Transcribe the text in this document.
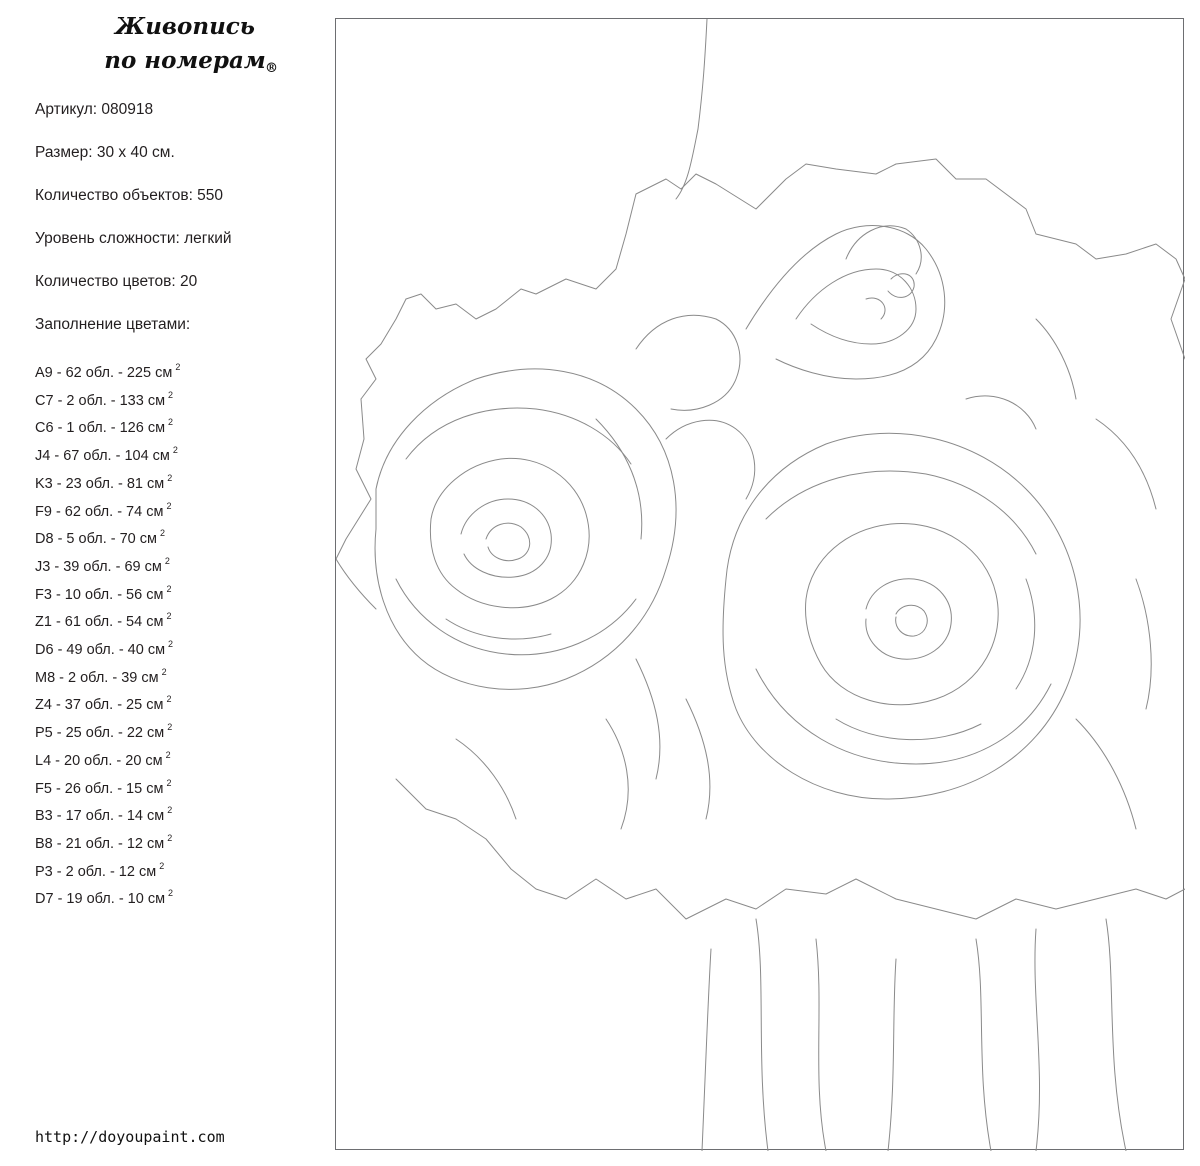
Живопись
по номерам ®
Артикул: 080918
Размер: 30 х 40 см.
Количество объектов: 550
Уровень сложности: легкий
Количество цветов: 20
Заполнение цветами:
A9 - 62 обл. - 225 см $^2$
C7 - 2 обл. - 133 см $^2$
C6 - 1 обл. - 126 см $^2$
J4 - 67 обл. - 104 см $^2$
K3 - 23 обл. - 81 см $^2$
F9 - 62 обл. - 74 см $^2$
D8 - 5 обл. - 70 см $^2$
J3 - 39 обл. - 69 см $^2$
F3 - 10 обл. - 56 см $^2$
Z1 - 61 обл. - 54 см $^2$
D6 - 49 обл. - 40 см $^2$
M8 - 2 обл. - 39 см $^2$
Z4 - 37 обл. - 25 см $^2$
P5 - 25 обл. - 22 см $^2$
L4 - 20 обл. - 20 см $^2$
F5 - 26 обл. - 15 см $^2$
B3 - 17 обл. - 14 см $^2$
B8 - 21 обл. - 12 см $^2$
P3 - 2 обл. - 12 см $^2$
D7 - 19 обл. - 10 см $^2$
http://doyoupaint.com
